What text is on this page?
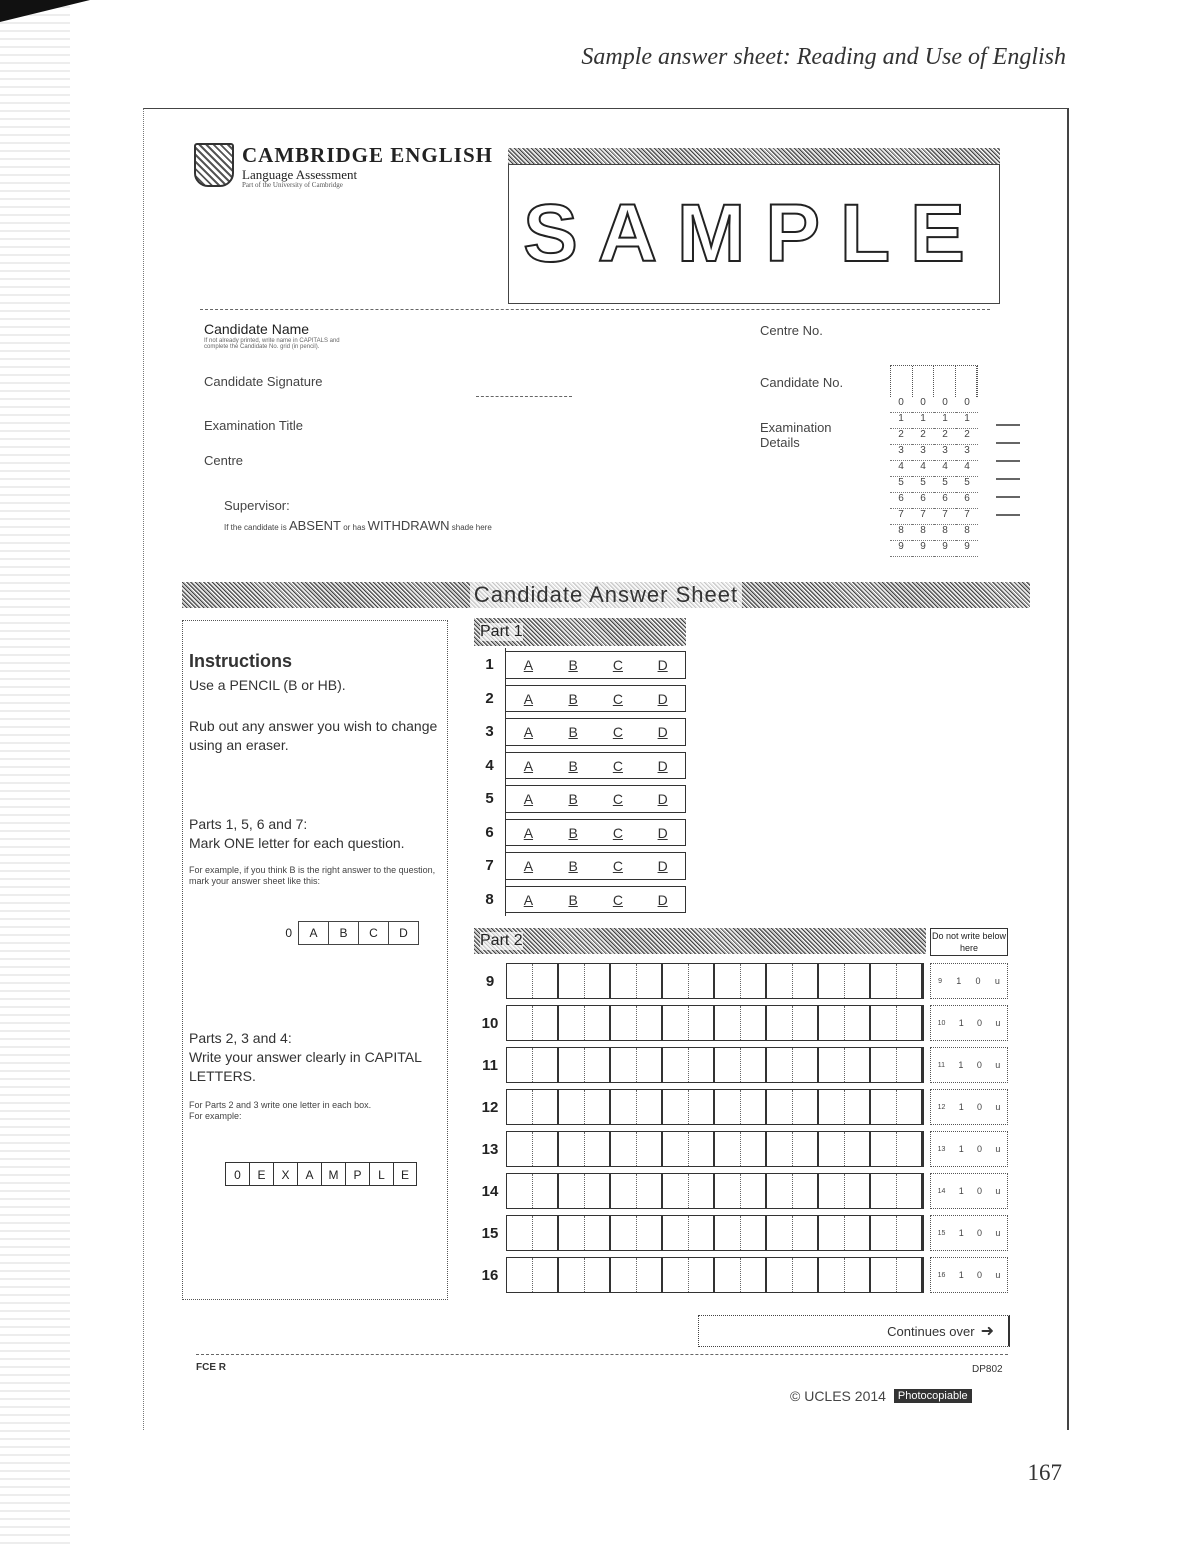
Sample answer sheet: Reading and Use of English
CAMBRIDGE ENGLISH
Language Assessment
Part of the University of Cambridge
SAMPLE
Candidate Name
If not already printed, write name in CAPITALS and complete the Candidate No. grid (in pencil).
Candidate Signature
Examination Title
Centre
Supervisor:
If the candidate is ABSENT or has WITHDRAWN shade here
Centre No.
Candidate No.
Examination Details
0	0	0	0
1	1	1	1
2	2	2	2
3	3	3	3
4	4	4	4
5	5	5	5
6	6	6	6
7	7	7	7
8	8	8	8
9	9	9	9
Candidate Answer Sheet
Instructions
Use a PENCIL (B or HB).
Rub out any answer you wish to change using an eraser.
Parts 1, 5, 6 and 7:
Mark ONE letter for each question.
For example, if you think B is the right answer to the question, mark your answer sheet like this:
0	A	B	C	D
Parts 2, 3 and 4:
Write your answer clearly in CAPITAL LETTERS.
For Parts 2 and 3 write one letter in each box. For example:
0	E	X	A	M	P	L	E
Part 1
1	A	B	C	D
2	A	B	C	D
3	A	B	C	D
4	A	B	C	D
5	A	B	C	D
6	A	B	C	D
7	A	B	C	D
8	A	B	C	D
Part 2	Do not write below here
9	9 1 0 u
10	10 1 0 u
11	11 1 0 u
12	12 1 0 u
13	13 1 0 u
14	14 1 0 u
15	15 1 0 u
16	16 1 0 u
Continues over ➜
FCE R	DP802
© UCLES 2014	Photocopiable
167
